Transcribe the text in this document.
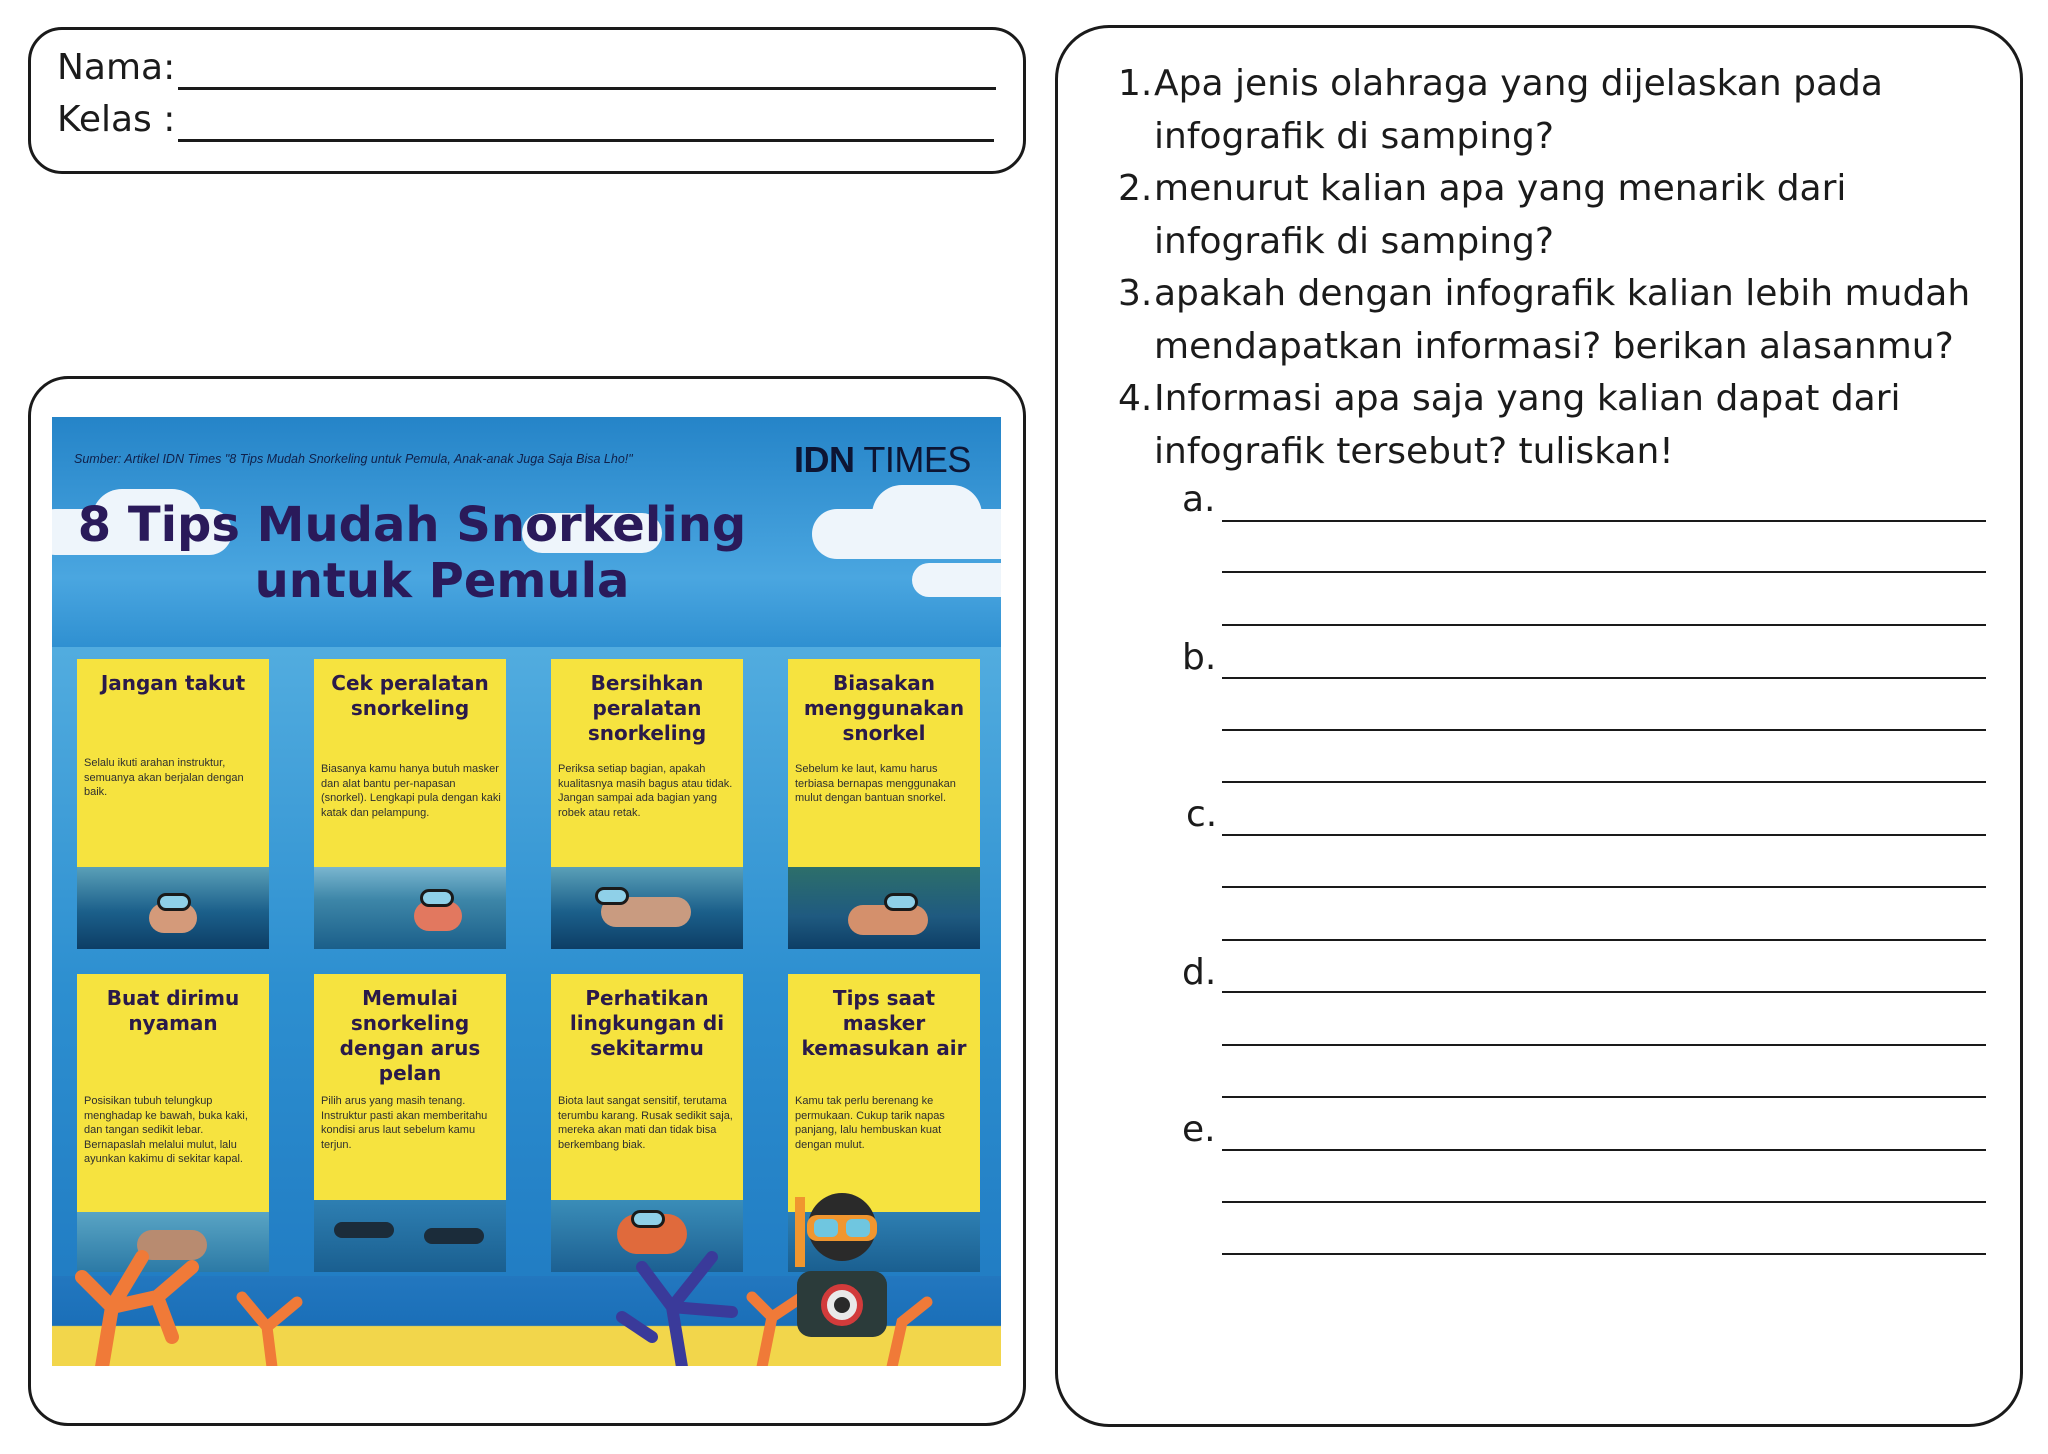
Nama:
Kelas :
Sumber: Artikel IDN Times "8 Tips Mudah Snorkeling untuk Pemula, Anak-anak Juga Saja Bisa Lho!"	IDN TIMES
8 Tips Mudah Snorkeling
untuk Pemula
Jangan takut
Selalu ikuti arahan instruktur, semuanya akan berjalan dengan baik.
Cek peralatan snorkeling
Biasanya kamu hanya butuh masker dan alat bantu per-napasan (snorkel). Lengkapi pula dengan kaki katak dan pelampung.
Bersihkan peralatan snorkeling
Periksa setiap bagian, apakah kualitasnya masih bagus atau tidak. Jangan sampai ada bagian yang robek atau retak.
Biasakan menggunakan snorkel
Sebelum ke laut, kamu harus terbiasa bernapas menggunakan mulut dengan bantuan snorkel.
Buat dirimu nyaman
Posisikan tubuh telungkup menghadap ke bawah, buka kaki, dan tangan sedikit lebar. Bernapaslah melalui mulut, lalu ayunkan kakimu di sekitar kapal.
Memulai snorkeling dengan arus pelan
Pilih arus yang masih tenang. Instruktur pasti akan memberitahu kondisi arus laut sebelum kamu terjun.
Perhatikan lingkungan di sekitarmu
Biota laut sangat sensitif, terutama terumbu karang. Rusak sedikit saja, mereka akan mati dan tidak bisa berkembang biak.
Tips saat masker kemasukan air
Kamu tak perlu berenang ke permukaan. Cukup tarik napas panjang, lalu hembuskan kuat dengan mulut.
1. Apa jenis olahraga yang dijelaskan pada infografik di samping?
2. menurut kalian apa yang menarik dari infografik di samping?
3. apakah dengan infografik kalian lebih mudah mendapatkan informasi? berikan alasanmu?
4. Informasi apa saja yang kalian dapat dari infografik tersebut? tuliskan!
a.
b.
c.
d.
e.
